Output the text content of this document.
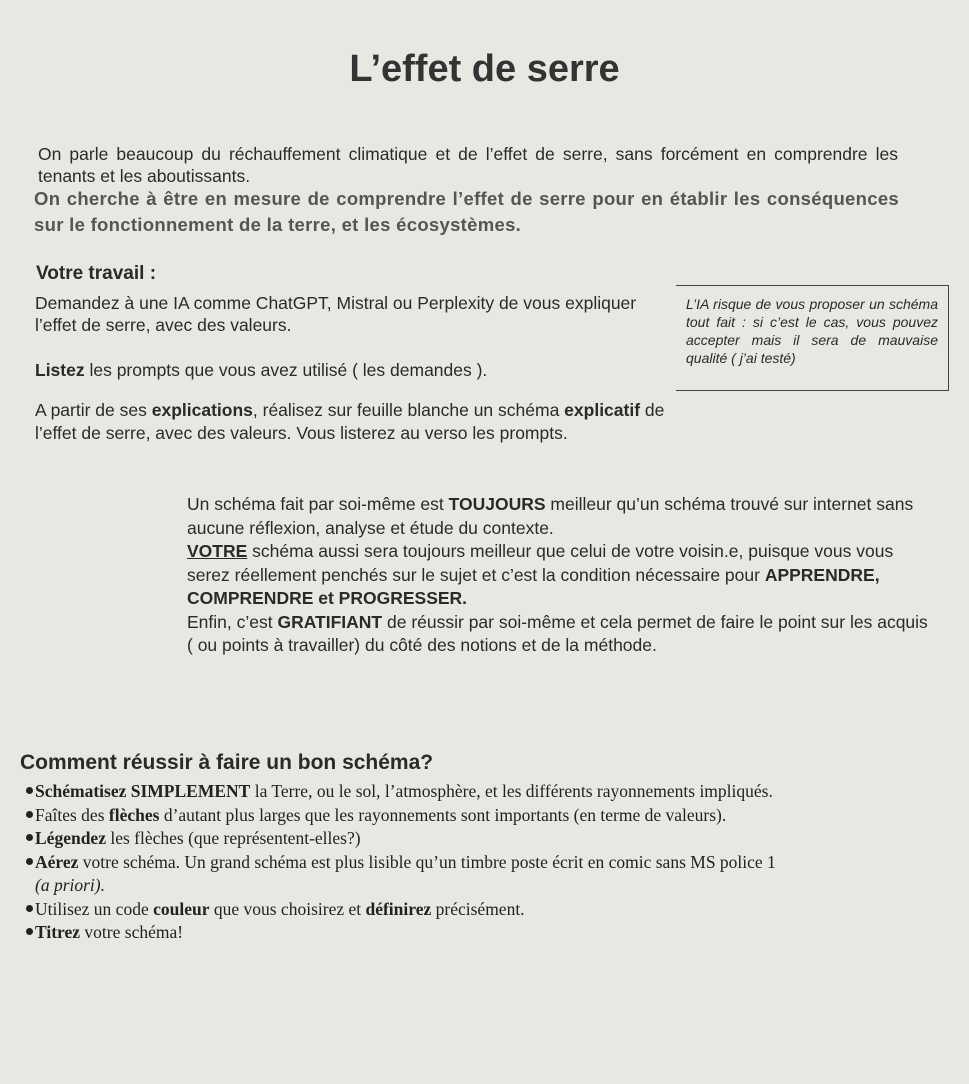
L’effet de serre
On parle beaucoup du réchauffement climatique et de l’effet de serre, sans forcément en comprendre les tenants et les aboutissants.
On cherche à être en mesure de comprendre l’effet de serre pour en établir les conséquences sur le fonctionnement de la terre, et les écosystèmes.
Votre travail :
Demandez à une IA comme ChatGPT, Mistral ou Perplexity de vous expliquer l’effet de serre, avec des valeurs.
Listez les prompts que vous avez utilisé ( les demandes ).
A partir de ses explications, réalisez sur feuille blanche un schéma explicatif de l’effet de serre, avec des valeurs. Vous listerez au verso les prompts.
L’IA risque de vous proposer un schéma tout fait : si c’est le cas, vous pouvez accepter mais il sera de mauvaise qualité ( j’ai testé)
Un schéma fait par soi-même est TOUJOURS meilleur qu’un schéma trouvé sur internet sans aucune réflexion, analyse et étude du contexte.
VOTRE schéma aussi sera toujours meilleur que celui de votre voisin.e, puisque vous vous serez réellement penchés sur le sujet et c’est la condition nécessaire pour APPRENDRE, COMPRENDRE et PROGRESSER.
Enfin, c’est GRATIFIANT de réussir par soi-même et cela permet de faire le point sur les acquis ( ou points à travailler) du côté des notions et de la méthode.
Comment réussir à faire un bon schéma?
Schématisez SIMPLEMENT la Terre, ou le sol, l’atmosphère, et les différents rayonnements impliqués.
Faîtes des flèches d’autant plus larges que les rayonnements sont importants (en terme de valeurs).
Légendez les flèches (que représentent-elles?)
Aérez votre schéma. Un grand schéma est plus lisible qu’un timbre poste écrit en comic sans MS police 1
(a priori).
Utilisez un code couleur que vous choisirez et définirez précisément.
Titrez votre schéma!
